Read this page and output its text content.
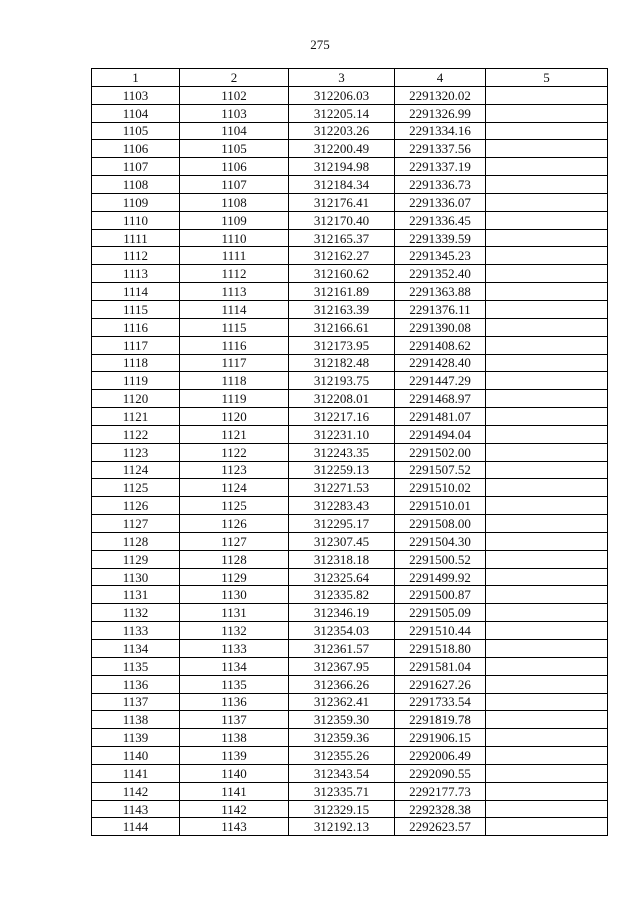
275
1	2	3	4	5
1103	1102	312206.03	2291320.02	
1104	1103	312205.14	2291326.99	
1105	1104	312203.26	2291334.16	
1106	1105	312200.49	2291337.56	
1107	1106	312194.98	2291337.19	
1108	1107	312184.34	2291336.73	
1109	1108	312176.41	2291336.07	
1110	1109	312170.40	2291336.45	
1111	1110	312165.37	2291339.59	
1112	1111	312162.27	2291345.23	
1113	1112	312160.62	2291352.40	
1114	1113	312161.89	2291363.88	
1115	1114	312163.39	2291376.11	
1116	1115	312166.61	2291390.08	
1117	1116	312173.95	2291408.62	
1118	1117	312182.48	2291428.40	
1119	1118	312193.75	2291447.29	
1120	1119	312208.01	2291468.97	
1121	1120	312217.16	2291481.07	
1122	1121	312231.10	2291494.04	
1123	1122	312243.35	2291502.00	
1124	1123	312259.13	2291507.52	
1125	1124	312271.53	2291510.02	
1126	1125	312283.43	2291510.01	
1127	1126	312295.17	2291508.00	
1128	1127	312307.45	2291504.30	
1129	1128	312318.18	2291500.52	
1130	1129	312325.64	2291499.92	
1131	1130	312335.82	2291500.87	
1132	1131	312346.19	2291505.09	
1133	1132	312354.03	2291510.44	
1134	1133	312361.57	2291518.80	
1135	1134	312367.95	2291581.04	
1136	1135	312366.26	2291627.26	
1137	1136	312362.41	2291733.54	
1138	1137	312359.30	2291819.78	
1139	1138	312359.36	2291906.15	
1140	1139	312355.26	2292006.49	
1141	1140	312343.54	2292090.55	
1142	1141	312335.71	2292177.73	
1143	1142	312329.15	2292328.38	
1144	1143	312192.13	2292623.57	
